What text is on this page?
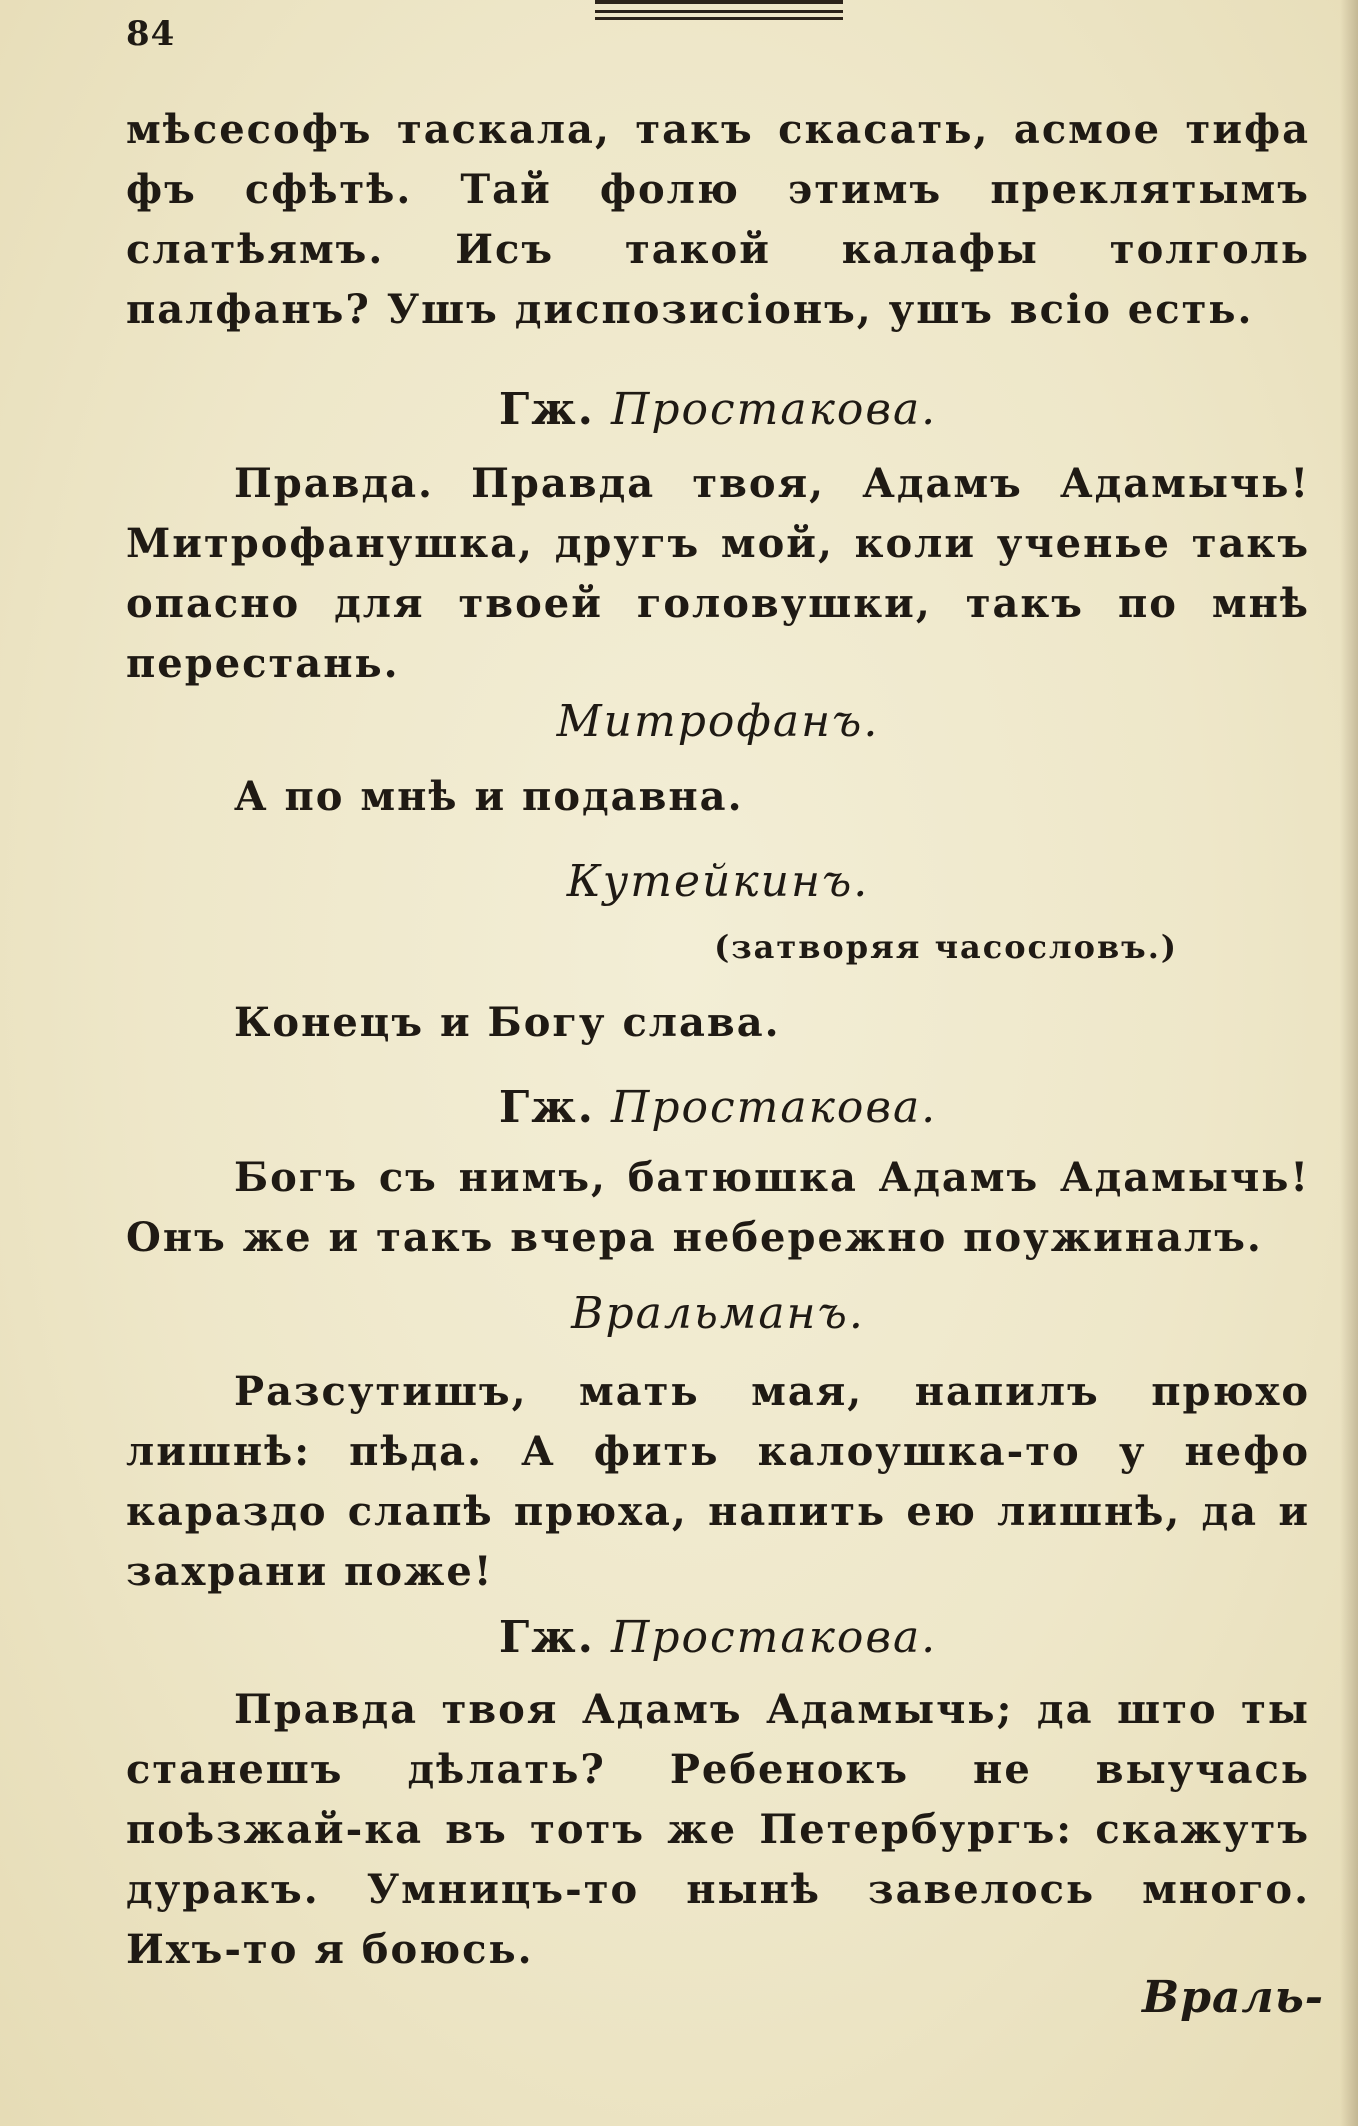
84
мѣсесофъ таскала, такъ скасать, асмое тифа фъ сфѣтѣ. Тай фолю этимъ преклятымъ слатѣямъ. Исъ такой калафы толголь палфанъ? Ушъ диспозисіонъ, ушъ всіо есть.
Гж. Простакова.
Правда. Правда твоя, Адамъ Адамычь! Митрофанушка, другъ мой, коли ученье такъ опасно для твоей головушки, такъ по мнѣ перестань.
Митрофанъ.
А по мнѣ и подавна.
Кутейкинъ.
(затворяя часословъ.)
Конецъ и Богу слава.
Гж. Простакова.
Богъ съ нимъ, батюшка Адамъ Адамычь! Онъ же и такъ вчера небережно поужиналъ.
Вральманъ.
Разсутишъ, мать мая, напилъ прюхо лишнѣ: пѣда. А фить калоушка-то у нефо караздо слапѣ прюха, напить ею лишнѣ, да и захрани поже!
Гж. Простакова.
Правда твоя Адамъ Адамычь; да што ты станешъ дѣлать? Ребенокъ не выучась поѣзжай-ка въ тотъ же Петербургъ: скажутъ дуракъ. Умницъ-то нынѣ завелось много. Ихъ-то я боюсь.
Враль-
